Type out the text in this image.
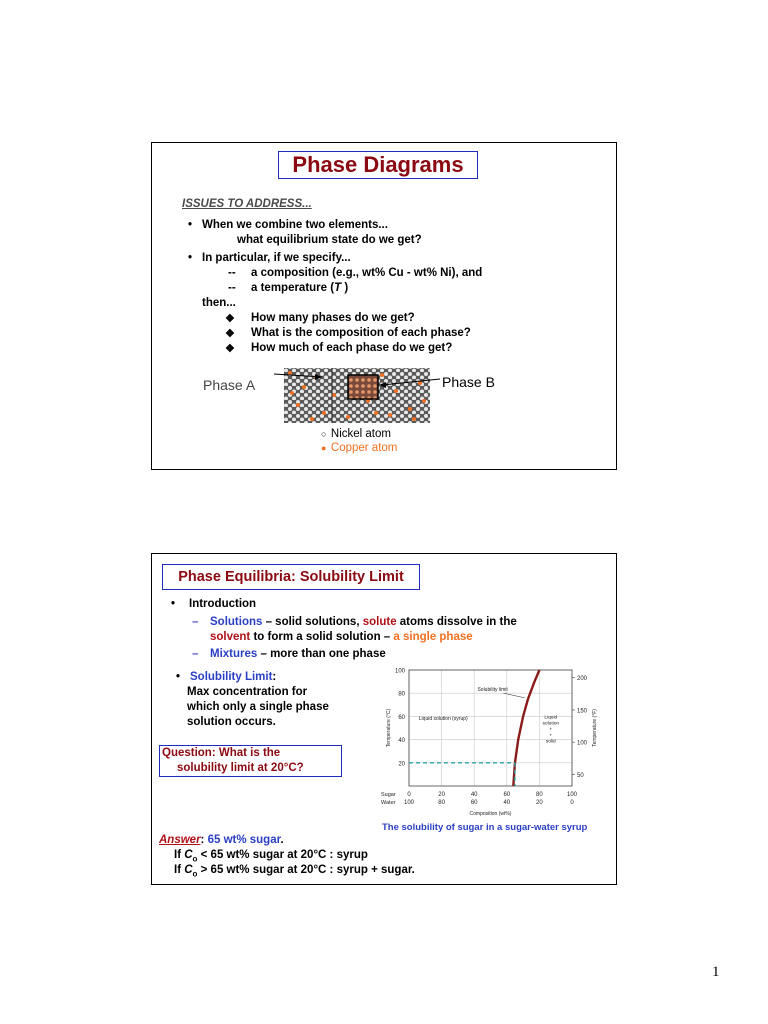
Phase Diagrams
ISSUES TO ADDRESS...
• When we combine two elements...
what equilibrium state do we get?
• In particular, if we specify...
-- a composition (e.g., wt% Cu - wt% Ni), and
-- a temperature (T )
then...
❖ How many phases do we get?
❖ What is the composition of each phase?
❖ How much of each phase do we get?
Phase A	Phase B
○ Nickel atom
● Copper atom
Phase Equilibria: Solubility Limit
• Introduction
– Solutions – solid solutions, solute atoms dissolve in the
solvent to form a solid solution – a single phase
– Mixtures – more than one phase
• Solubility Limit:
Max concentration for
which only a single phase
solution occurs.
Question: What is the
solubility limit at 20°C?	20
40
60
80
100
50
100
150
200
Sugar
Water
0	20	40	60	80	100
100	80	60	40	20	0
Composition (wt%)
Temperature (°C)	Temperature (°F)
Solubility limit
Liquid solution (syrup)	Liquid
solution
+
+
solid
The solubility of sugar in a sugar-water syrup
Answer: 65 wt% sugar.
If $C_o < 65$ wt% sugar at 20°C : syrup
If $C_o > 65$ wt% sugar at 20°C : syrup + sugar.
1
